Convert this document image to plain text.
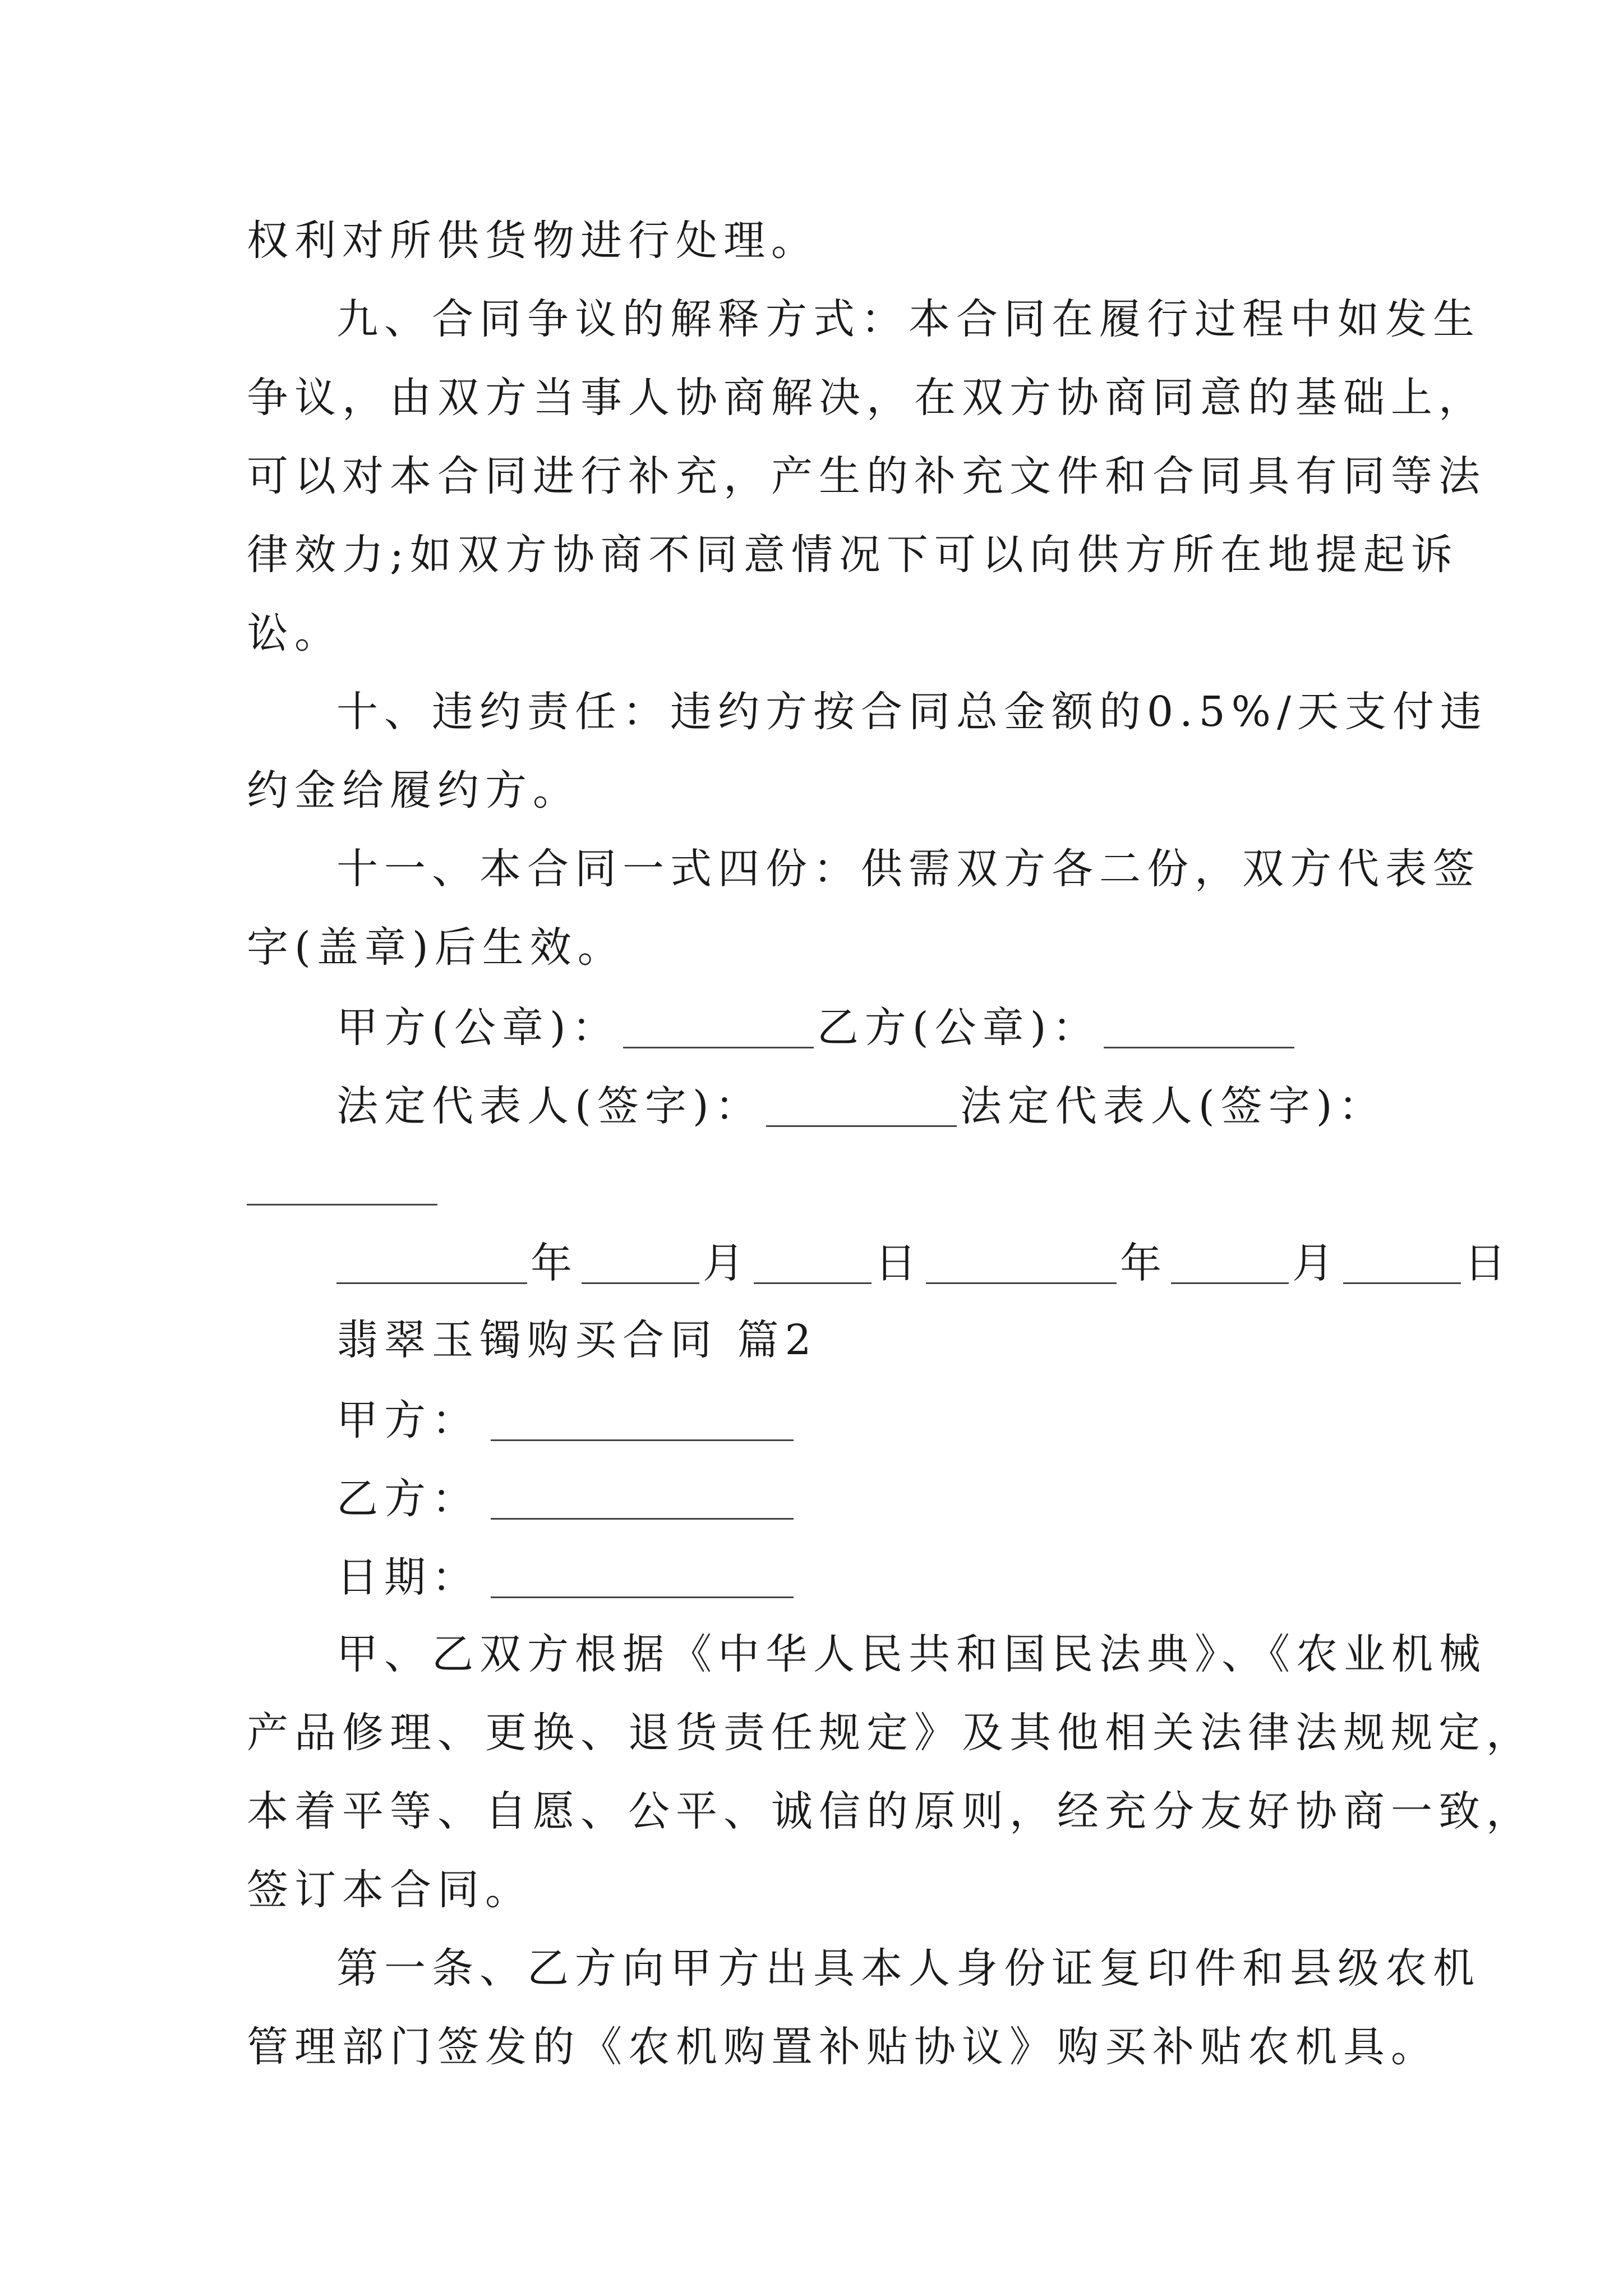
权利对所供货物进行处理。
九、合同争议的解释方式：本合同在履行过程中如发生
争议，由双方当事人协商解决，在双方协商同意的基础上，
可以对本合同进行补充，产生的补充文件和合同具有同等法
律效力;如双方协商不同意情况下可以向供方所在地提起诉
讼。
十、违约责任：违约方按合同总金额的0.5%/天支付违
约金给履约方。
十一、本合同一式四份：供需双方各二份，双方代表签
字(盖章)后生效。
甲方(公章)：	乙方(公章)：
法定代表人(签字)：	法定代表人(签字)：
年	月	日	年	月	日
翡翠玉镯购买合同 篇2
甲方：
乙方：
日期：
甲、乙双方根据《中华人民共和国民法典》、《农业机械
产品修理、更换、退货责任规定》及其他相关法律法规规定，
本着平等、自愿、公平、诚信的原则，经充分友好协商一致，
签订本合同。
第一条、乙方向甲方出具本人身份证复印件和县级农机
管理部门签发的《农机购置补贴协议》购买补贴农机具。
